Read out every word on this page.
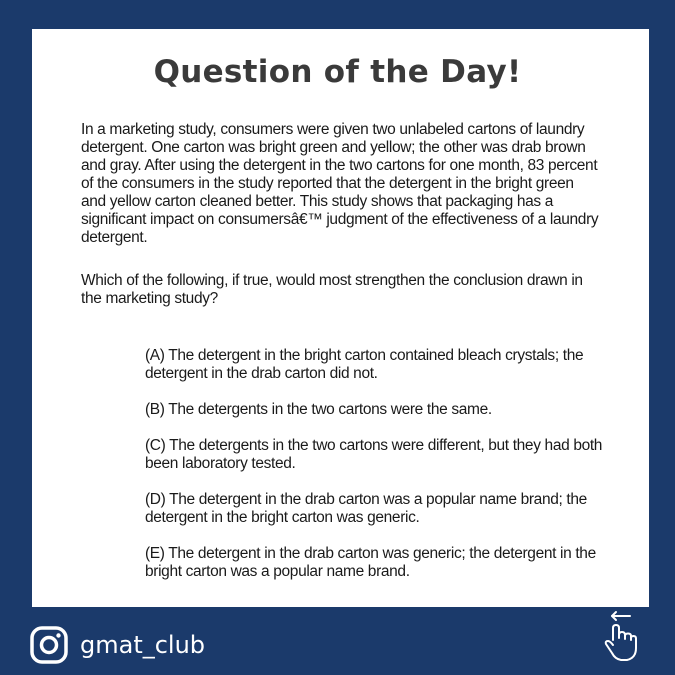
Question of the Day!

In a marketing study, consumers were given two unlabeled cartons of laundry detergent. One carton was bright green and yellow; the other was drab brown and gray. After using the detergent in the two cartons for one month, 83 percent of the consumers in the study reported that the detergent in the bright green and yellow carton cleaned better. This study shows that packaging has a significant impact on consumersâ€™ judgment of the effectiveness of a laundry detergent.

Which of the following, if true, would most strengthen the conclusion drawn in the marketing study?

(A) The detergent in the bright carton contained bleach crystals; the detergent in the drab carton did not.
(B) The detergents in the two cartons were the same.
(C) The detergents in the two cartons were different, but they had both been laboratory tested.
(D) The detergent in the drab carton was a popular name brand; the detergent in the bright carton was generic.
(E) The detergent in the drab carton was generic; the detergent in the bright carton was a popular name brand.
gmat_club
